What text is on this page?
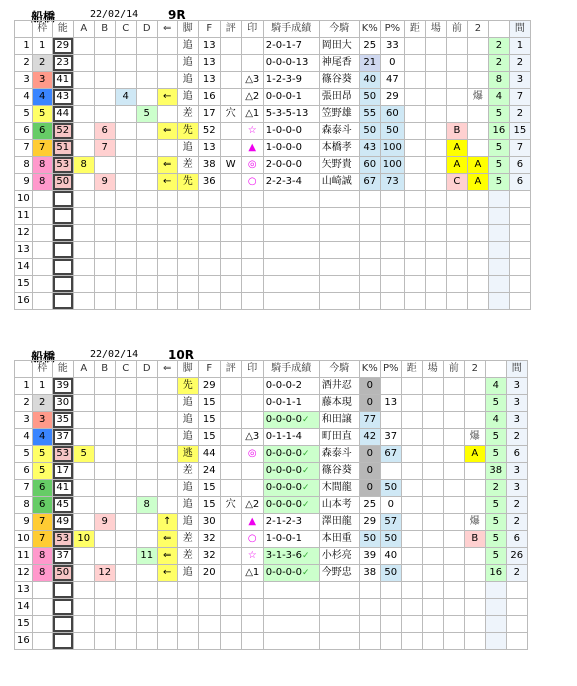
船橋	22/02/14 9R
	枠	能	A	B	C	D	⇐	脚	F	評	印	騎手成績	今騎	K%	P%	距	場	前	2		間
1	1	29						追	13			2-0-1-7	岡田大	25	33					2	1
2	2	23						追	13			0-0-0-13	神尾香	21	0					2	2
3	3	41						追	13		△3	1-2-3-9	篠谷葵	40	47					8	3
4	4	43			4		←	追	16		△2	0-0-0-1	張田昂	50	29				爆	4	7
5	5	44				5		差	17	穴	△1	5-3-5-13	笠野雄	55	60					5	2
6	6	52		6			⇐	先	52		☆	1-0-0-0	森泰斗	50	50			B		16	15
7	7	51		7				追	13		▲	1-0-0-0	本橋孝	43	100			A		5	7
8	8	53	8				⇐	差	38	W	◎	2-0-0-0	矢野貴	60	100			A	A	5	6
9	8	50		9			←	先	36		○	2-2-3-4	山崎誠	67	73			C	A	5	6
10																					
11																					
12																					
13																					
14																					
15																					
16																					
船橋	22/02/14 10R
	枠	能	A	B	C	D	⇐	脚	F	評	印	騎手成績	今騎	K%	P%	距	場	前	2		間
1	1	39						先	29			0-0-0-2	酒井忍	0						4	3
2	2	30						追	15			0-0-1-1	藤本現	0	13					5	3
3	3	35						追	15			0-0-0-0✓	和田譲	77						4	3
4	4	37						追	15		△3	0-1-1-4	町田直	42	37				爆	5	2
5	5	53	5					逃	44		◎	0-0-0-0✓	森泰斗	0	67				A	5	6
6	5	17						差	24			0-0-0-0✓	篠谷葵	0						38	3
7	6	41						追	15			0-0-0-0✓	木間龍	0	50					2	3
8	6	45				8		追	15	穴	△2	0-0-0-0✓	山本考	25	0					5	2
9	7	49		9			↑	追	30		▲	2-1-2-3	澤田龍	29	57				爆	5	2
10	7	53	10				⇐	差	32		○	1-0-0-1	本田重	50	50				B	5	6
11	8	37				11	⇐	差	32		☆	3-1-3-6✓	小杉亮	39	40					5	26
12	8	50		12			←	追	20		△1	0-0-0-0✓	今野忠	38	50					16	2
13																					
14																					
15																					
16																					
